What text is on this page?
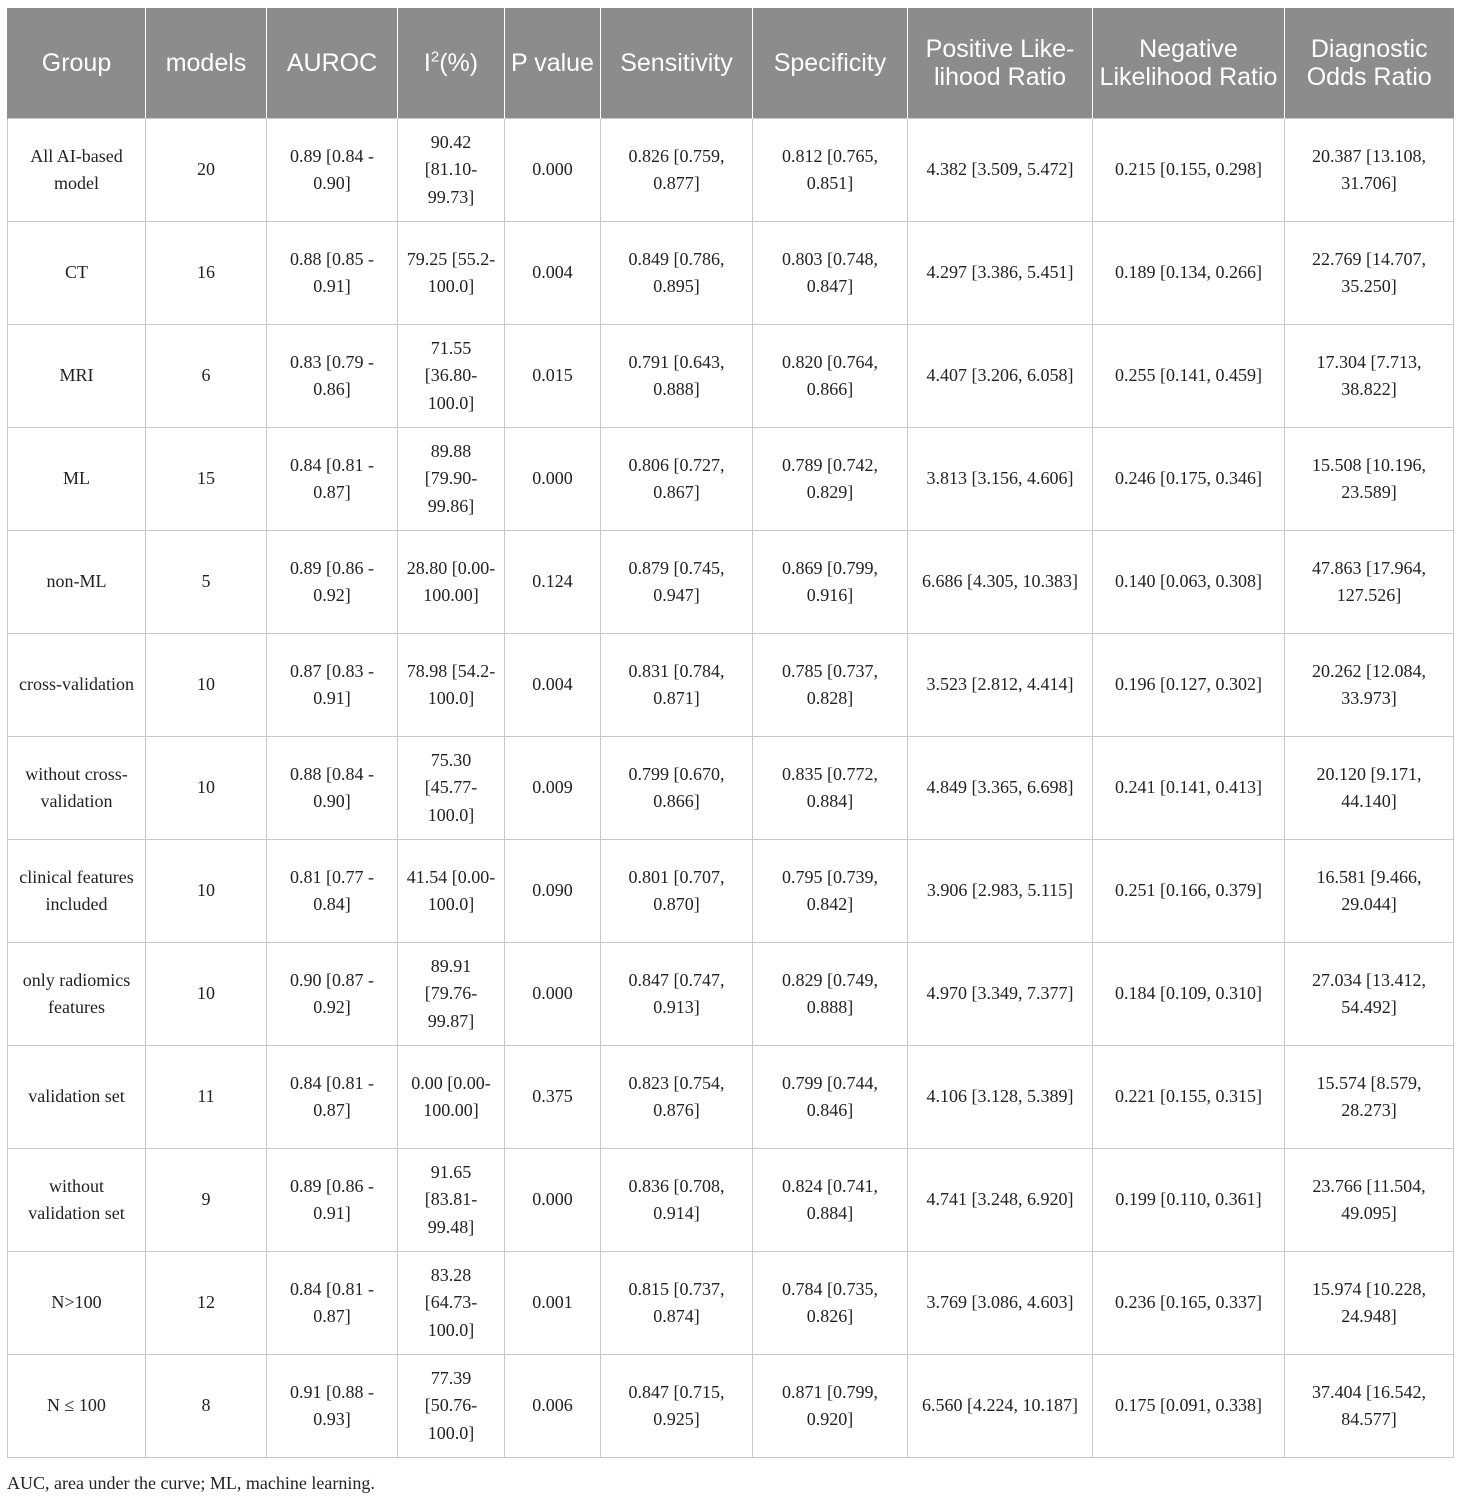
Group	models	AUROC	$I^2(\%)$	P value	Sensitivity	Specificity	Positive Like-lihood Ratio	Negative Likelihood Ratio	Diagnostic Odds Ratio
All AI-based model	20	0.89 [0.84 - 0.90]	90.42 [81.10-99.73]	0.000	0.826 [0.759, 0.877]	0.812 [0.765, 0.851]	4.382 [3.509, 5.472]	0.215 [0.155, 0.298]	20.387 [13.108, 31.706]
CT	16	0.88 [0.85 - 0.91]	79.25 [55.2-100.0]	0.004	0.849 [0.786, 0.895]	0.803 [0.748, 0.847]	4.297 [3.386, 5.451]	0.189 [0.134, 0.266]	22.769 [14.707, 35.250]
MRI	6	0.83 [0.79 - 0.86]	71.55 [36.80-100.0]	0.015	0.791 [0.643, 0.888]	0.820 [0.764, 0.866]	4.407 [3.206, 6.058]	0.255 [0.141, 0.459]	17.304 [7.713, 38.822]
ML	15	0.84 [0.81 - 0.87]	89.88 [79.90-99.86]	0.000	0.806 [0.727, 0.867]	0.789 [0.742, 0.829]	3.813 [3.156, 4.606]	0.246 [0.175, 0.346]	15.508 [10.196, 23.589]
non-ML	5	0.89 [0.86 - 0.92]	28.80 [0.00-100.00]	0.124	0.879 [0.745, 0.947]	0.869 [0.799, 0.916]	6.686 [4.305, 10.383]	0.140 [0.063, 0.308]	47.863 [17.964, 127.526]
cross-validation	10	0.87 [0.83 - 0.91]	78.98 [54.2-100.0]	0.004	0.831 [0.784, 0.871]	0.785 [0.737, 0.828]	3.523 [2.812, 4.414]	0.196 [0.127, 0.302]	20.262 [12.084, 33.973]
without cross-validation	10	0.88 [0.84 - 0.90]	75.30 [45.77-100.0]	0.009	0.799 [0.670, 0.866]	0.835 [0.772, 0.884]	4.849 [3.365, 6.698]	0.241 [0.141, 0.413]	20.120 [9.171, 44.140]
clinical features included	10	0.81 [0.77 - 0.84]	41.54 [0.00-100.0]	0.090	0.801 [0.707, 0.870]	0.795 [0.739, 0.842]	3.906 [2.983, 5.115]	0.251 [0.166, 0.379]	16.581 [9.466, 29.044]
only radiomics features	10	0.90 [0.87 - 0.92]	89.91 [79.76-99.87]	0.000	0.847 [0.747, 0.913]	0.829 [0.749, 0.888]	4.970 [3.349, 7.377]	0.184 [0.109, 0.310]	27.034 [13.412, 54.492]
validation set	11	0.84 [0.81 - 0.87]	0.00 [0.00-100.00]	0.375	0.823 [0.754, 0.876]	0.799 [0.744, 0.846]	4.106 [3.128, 5.389]	0.221 [0.155, 0.315]	15.574 [8.579, 28.273]
without validation set	9	0.89 [0.86 - 0.91]	91.65 [83.81-99.48]	0.000	0.836 [0.708, 0.914]	0.824 [0.741, 0.884]	4.741 [3.248, 6.920]	0.199 [0.110, 0.361]	23.766 [11.504, 49.095]
N>100	12	0.84 [0.81 - 0.87]	83.28 [64.73-100.0]	0.001	0.815 [0.737, 0.874]	0.784 [0.735, 0.826]	3.769 [3.086, 4.603]	0.236 [0.165, 0.337]	15.974 [10.228, 24.948]
N ≤ 100	8	0.91 [0.88 - 0.93]	77.39 [50.76-100.0]	0.006	0.847 [0.715, 0.925]	0.871 [0.799, 0.920]	6.560 [4.224, 10.187]	0.175 [0.091, 0.338]	37.404 [16.542, 84.577]
AUC, area under the curve; ML, machine learning.
